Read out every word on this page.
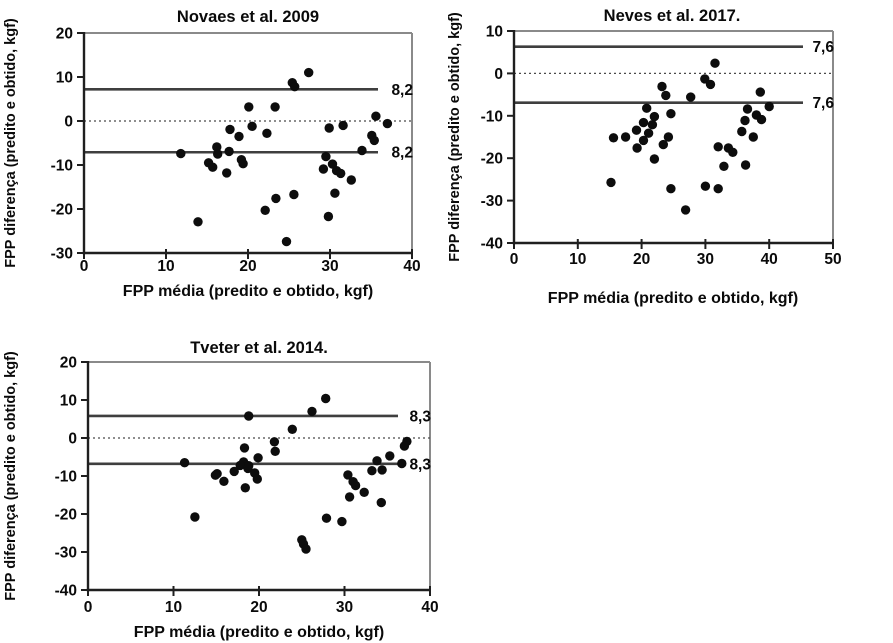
8,2
8,2
20
10
0
-10
-20
-30
0	10	20	30	40
Novaes et al. 2009
FPP média (predito e obtido, kgf)
FPP diferença (predito e obtido, kgf)	7,6
7,6
10
0
-10
-20
-30
-40
0	10	20	30	40	50
Neves et al. 2017.
FPP média (predito e obtido, kgf)
FPP diferença (predito e obtido, kgf)
8,3
8,3
20
10
0
-10
-20
-30
-40
0	10	20	30	40
Tveter et al. 2014.
FPP média (predito e obtido, kgf)
FPP diferença (predito e obtido, kgf)
